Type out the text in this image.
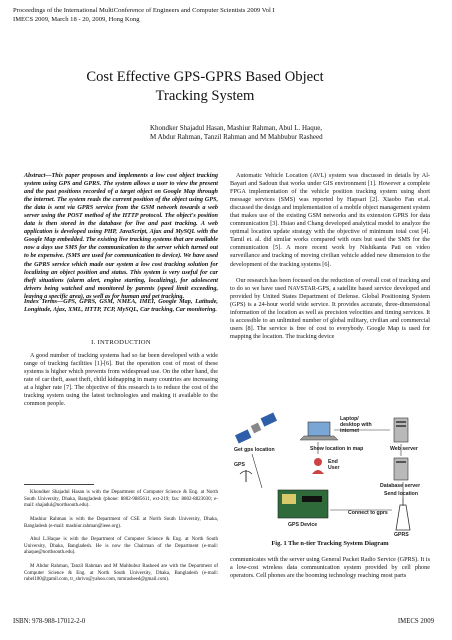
Proceedings of the International MultiConference of Engineers and Computer Scientists 2009 Vol I
IMECS 2009, March 18 - 20, 2009, Hong Kong
Cost Effective GPS-GPRS Based Object
Tracking System
Khondker Shajadul Hasan, Mashiur Rahman, Abul L. Haque,
M Abdur Rahman, Tanzil Rahman and M Mahbubur Rasheed
Abstract—This paper proposes and implements a low cost object tracking system using GPS and GPRS. The system allows a user to view the present and the past positions recorded of a target object on Google Map through the internet. The system reads the current position of the object using GPS, the data is sent via GPRS service from the GSM network towards a web server using the POST method of the HTTP protocol. The object's position data is then stored in the database for live and past tracking. A web application is developed using PHP, JavaScript, Ajax and MySQL with the Google Map embedded. The existing live tracking systems that are available now a days use SMS for the communication to the server which turned out to be expensive. (SMS are used for communication to device). We have used the GPRS service which made our system a low cost tracking solution for localizing an object position and status. This system is very useful for car theft situations (alarm alert, engine starting, localizing), for adolescent drivers being watched and monitored by parents (speed limit exceeding, leaving a specific area), as well as for human and pet tracking.
Index Terms—GPS, GPRS, GSM, NMEA, IMEI, Google Map, Latitude, Longitude, Ajax, XML, HTTP, TCP, MySQL, Car tracking, Car monitoring.
I. INTRODUCTION
A good number of tracking systems had so far been developed with a wide range of tracking facilities [1]-[6]. But the operation cost of most of these systems is higher which prevents from widespread use. On the other hand, the rate of car theft, asset theft, child kidnapping in many countries are increasing at a higher rate [7]. The objective of this research is to reduce the cost of the tracking system using the latest technologies and making it available to the common people.
Khondker Shajadul Hasan is with the Department of Computer Science & Eng. at North South University, Dhaka, Bangladesh (phone: 8802-9885611, ext-219; fax: 8802-8823030; e-mail: shajadul@northsouth.edu).
Mashiur Rahman is with the Department of CSE at North South University, Dhaka, Bangladesh (e-mail: mashiur.rahman@ieee.org).
Abul L.Haque is with the Department of Computer Science & Eng. at North South University, Dhaka, Bangladesh. He is now the Chairman of the Department (e-mail: ahaque@northsouth.edu).
M Abdur Rahman, Tanzil Rahman and M Mahbubur Rasheed are with the Department of Computer Science & Eng. at North South University, Dhaka, Bangladesh (e-mail: rubel100@gamil.com, tr_shrivo@yahoo.com, mmrasheed@gmail.com).
Automatic Vehicle Location (AVL) system was discussed in details by Al-Bayari and Sadoun that works under GIS environment [1]. However a complete FPGA implementation of the vehicle position tracking system using short message services (SMS) was reported by Hapsari [2]. Xiaobo Fan et.al. discussed the design and implementation of a mobile object management system that makes use of the existing GSM networks and its extension GPRS for data communication [3]. Hsiao and Chang developed analytical model to analyze the optimal location update strategy with the objective of minimum total cost [4]. Tamil et. al. did similar works compared with ours but used the SMS for the communication [5]. A more recent work by Nishikanta Pati on video surveillance and tracking of moving civilian vehicle added new dimension to the development of the tracking systems [6].
Our research has been focused on the reduction of overall cost of tracking and to do so we have used NAVSTAR-GPS, a satellite based service developed and provided by United States Department of Defense. Global Positioning System (GPS) is a 24-hour world wide service. It provides accurate, three-dimensional information of the location as well as precision velocities and timing services. It is accessible to an unlimited number of global military, civilian and commercial users [8]. The service is free of cost to everybody. Google Map is used for mapping the location. The tracking device
Get gps location
Laptop/
desktop with
internet
Show location in map	Web server
GPS	End
User
Database server
Send location
GPS Device
GPRS
Connect to gprs
Fig. 1 The n-tier Tracking System Diagram
communicates with the server using General Packet Radio Service (GPRS). It is a low-cost wireless data communication system provided by cell phone operators. Cell phones are the booming technology reaching most parts
ISBN: 978-988-17012-2-0	IMECS 2009
